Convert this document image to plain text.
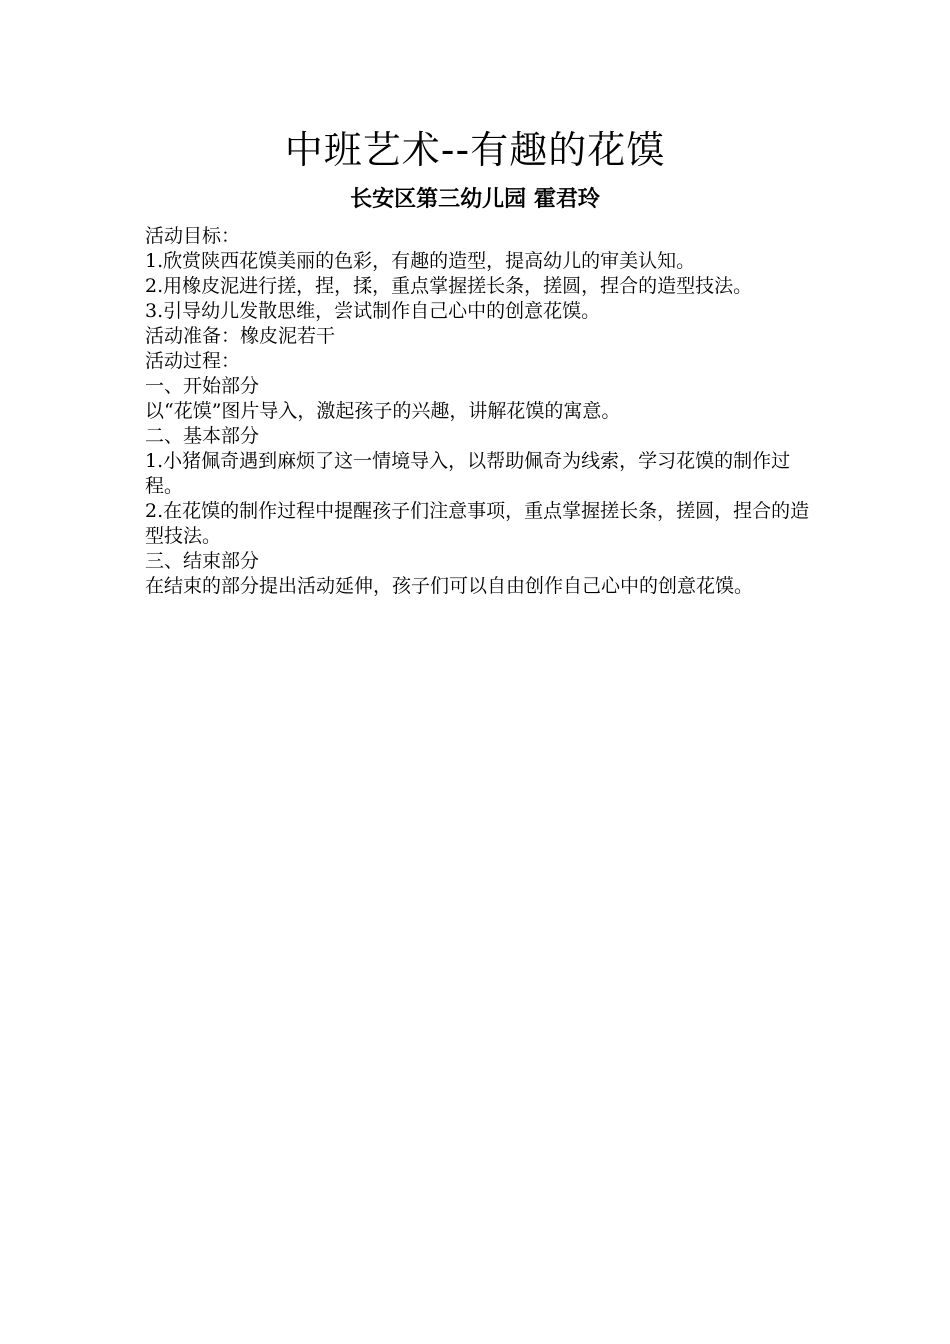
中班艺术--有趣的花馍
长安区第三幼儿园 霍君玲

活动目标：

1.欣赏陕西花馍美丽的色彩，有趣的造型，提高幼儿的审美认知。

2.用橡皮泥进行搓，捏，揉，重点掌握搓长条，搓圆，捏合的造型技法。

3.引导幼儿发散思维，尝试制作自己心中的创意花馍。

活动准备：橡皮泥若干

活动过程：

一、开始部分

以“花馍”图片导入，激起孩子的兴趣，讲解花馍的寓意。

二、基本部分

1.小猪佩奇遇到麻烦了这一情境导入，以帮助佩奇为线索，学习花馍的制作过程。

2.在花馍的制作过程中提醒孩子们注意事项，重点掌握搓长条，搓圆，捏合的造型技法。

三、结束部分

在结束的部分提出活动延伸，孩子们可以自由创作自己心中的创意花馍。
